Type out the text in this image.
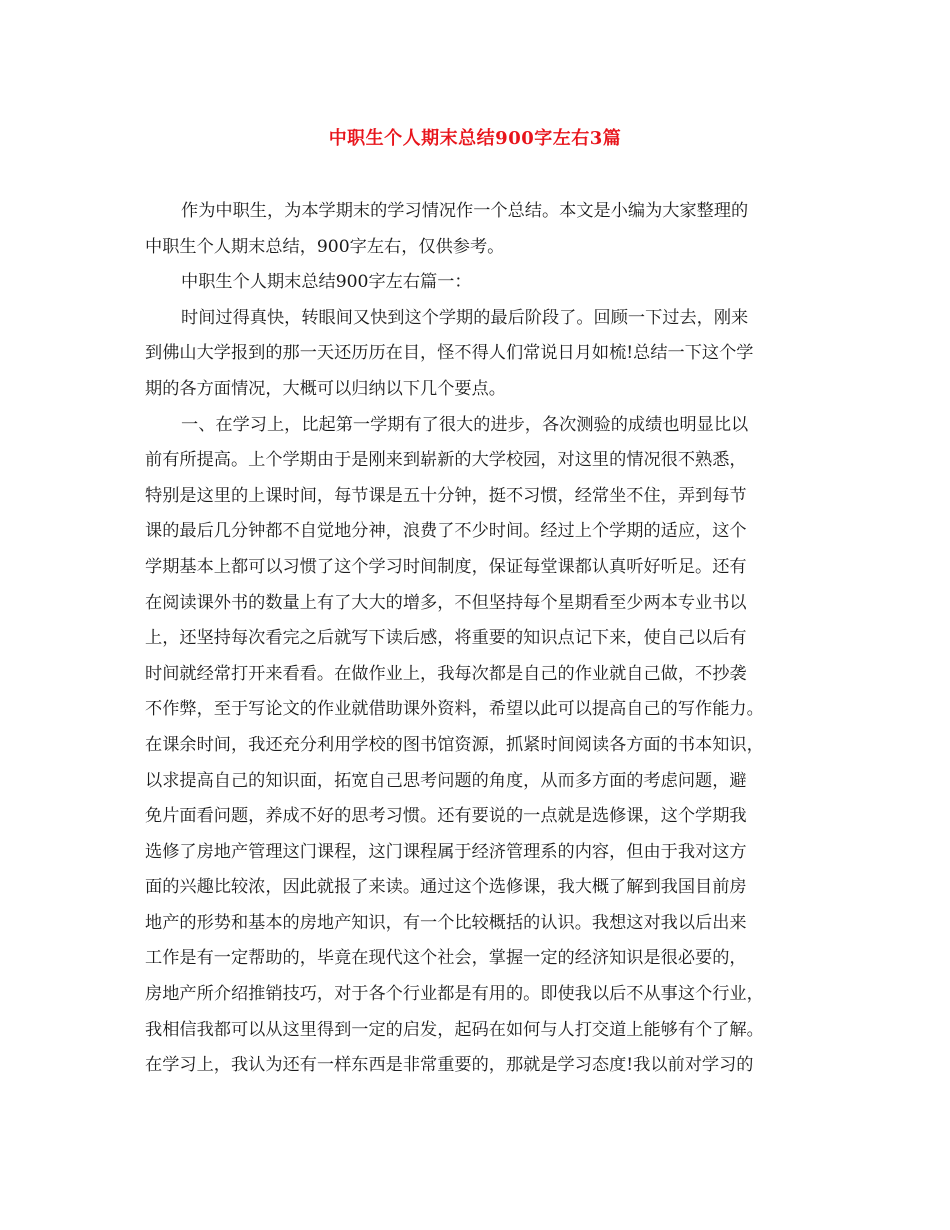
中职生个人期末总结900字左右3篇
作为中职生，为本学期末的学习情况作一个总结。本文是小编为大家整理的
中职生个人期末总结，900字左右，仅供参考。
中职生个人期末总结900字左右篇一：
时间过得真快，转眼间又快到这个学期的最后阶段了。回顾一下过去，刚来
到佛山大学报到的那一天还历历在目，怪不得人们常说日月如梳!总结一下这个学
期的各方面情况，大概可以归纳以下几个要点。
一、在学习上，比起第一学期有了很大的进步，各次测验的成绩也明显比以
前有所提高。上个学期由于是刚来到崭新的大学校园，对这里的情况很不熟悉，
特别是这里的上课时间，每节课是五十分钟，挺不习惯，经常坐不住，弄到每节
课的最后几分钟都不自觉地分神，浪费了不少时间。经过上个学期的适应，这个
学期基本上都可以习惯了这个学习时间制度，保证每堂课都认真听好听足。还有
在阅读课外书的数量上有了大大的增多，不但坚持每个星期看至少两本专业书以
上，还坚持每次看完之后就写下读后感，将重要的知识点记下来，使自己以后有
时间就经常打开来看看。在做作业上，我每次都是自己的作业就自己做，不抄袭
不作弊，至于写论文的作业就借助课外资料，希望以此可以提高自己的写作能力。
在课余时间，我还充分利用学校的图书馆资源，抓紧时间阅读各方面的书本知识，
以求提高自己的知识面，拓宽自己思考问题的角度，从而多方面的考虑问题，避
免片面看问题，养成不好的思考习惯。还有要说的一点就是选修课，这个学期我
选修了房地产管理这门课程，这门课程属于经济管理系的内容，但由于我对这方
面的兴趣比较浓，因此就报了来读。通过这个选修课，我大概了解到我国目前房
地产的形势和基本的房地产知识，有一个比较概括的认识。我想这对我以后出来
工作是有一定帮助的，毕竟在现代这个社会，掌握一定的经济知识是很必要的，
房地产所介绍推销技巧，对于各个行业都是有用的。即使我以后不从事这个行业，
我相信我都可以从这里得到一定的启发，起码在如何与人打交道上能够有个了解。
在学习上，我认为还有一样东西是非常重要的，那就是学习态度!我以前对学习的
